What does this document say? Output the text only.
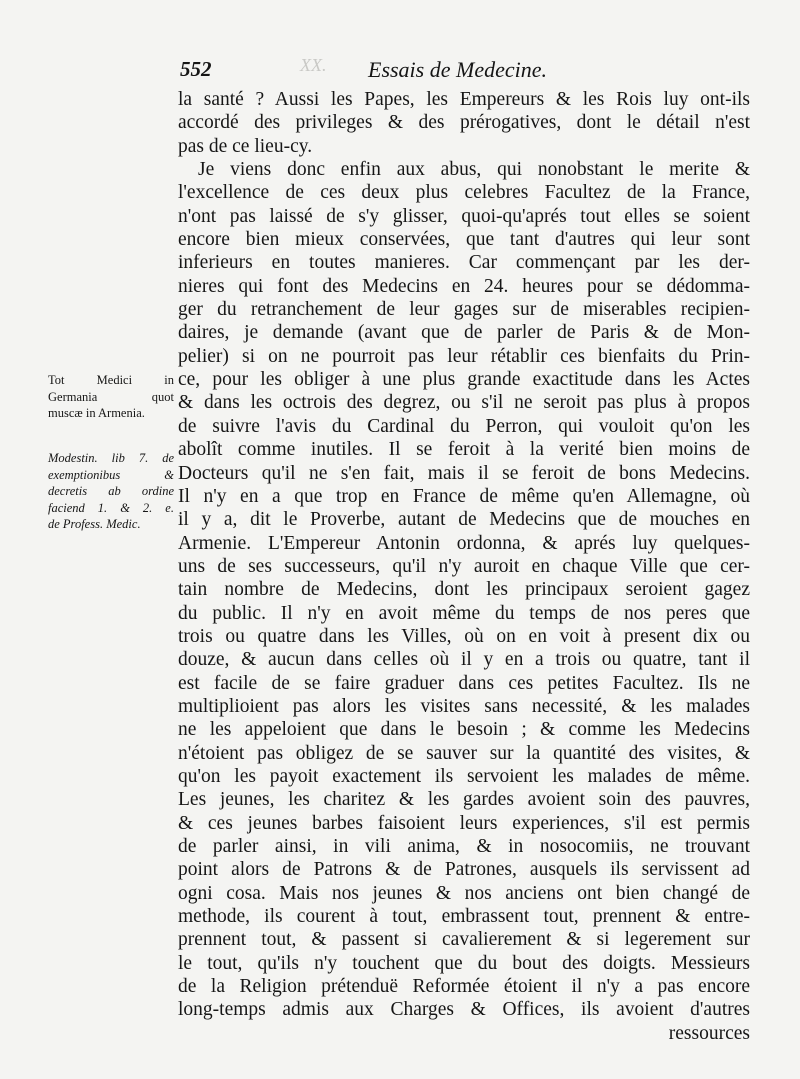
552	Essais de Medecine.
XX.
Tot Medici in
Germania quot
muscæ in Armenia.
Modestin. lib 7. de
exemptionibus &
decretis ab ordine
faciend 1. & 2. e.
de Profess. Medic.
la santé ? Aussi les Papes, les Empereurs & les Rois luy ont-ils
accordé des privileges & des prérogatives, dont le détail n'est
pas de ce lieu-cy.
Je viens donc enfin aux abus, qui nonobstant le merite &
l'excellence de ces deux plus celebres Facultez de la France,
n'ont pas laissé de s'y glisser, quoi-qu'aprés tout elles se soient
encore bien mieux conservées, que tant d'autres qui leur sont
inferieurs en toutes manieres. Car commençant par les der-
nieres qui font des Medecins en 24. heures pour se dédomma-
ger du retranchement de leur gages sur de miserables recipien-
daires, je demande (avant que de parler de Paris & de Mon-
pelier) si on ne pourroit pas leur rétablir ces bienfaits du Prin-
ce, pour les obliger à une plus grande exactitude dans les Actes
& dans les octrois des degrez, ou s'il ne seroit pas plus à propos
de suivre l'avis du Cardinal du Perron, qui vouloit qu'on les
abolît comme inutiles. Il se feroit à la verité bien moins de
Docteurs qu'il ne s'en fait, mais il se feroit de bons Medecins.
Il n'y en a que trop en France de même qu'en Allemagne, où
il y a, dit le Proverbe, autant de Medecins que de mouches en
Armenie. L'Empereur Antonin ordonna, & aprés luy quelques-
uns de ses successeurs, qu'il n'y auroit en chaque Ville que cer-
tain nombre de Medecins, dont les principaux seroient gagez
du public. Il n'y en avoit même du temps de nos peres que
trois ou quatre dans les Villes, où on en voit à present dix ou
douze, & aucun dans celles où il y en a trois ou quatre, tant il
est facile de se faire graduer dans ces petites Facultez. Ils ne
multiplioient pas alors les visites sans necessité, & les malades
ne les appeloient que dans le besoin ; & comme les Medecins
n'étoient pas obligez de se sauver sur la quantité des visites, &
qu'on les payoit exactement ils servoient les malades de même.
Les jeunes, les charitez & les gardes avoient soin des pauvres,
& ces jeunes barbes faisoient leurs experiences, s'il est permis
de parler ainsi, in vili anima, & in nosocomiis, ne trouvant
point alors de Patrons & de Patrones, ausquels ils servissent ad
ogni cosa. Mais nos jeunes & nos anciens ont bien changé de
methode, ils courent à tout, embrassent tout, prennent & entre-
prennent tout, & passent si cavalierement & si legerement sur
le tout, qu'ils n'y touchent que du bout des doigts. Messieurs
de la Religion prétenduë Reformée étoient il n'y a pas encore
long-temps admis aux Charges & Offices, ils avoient d'autres
ressources
